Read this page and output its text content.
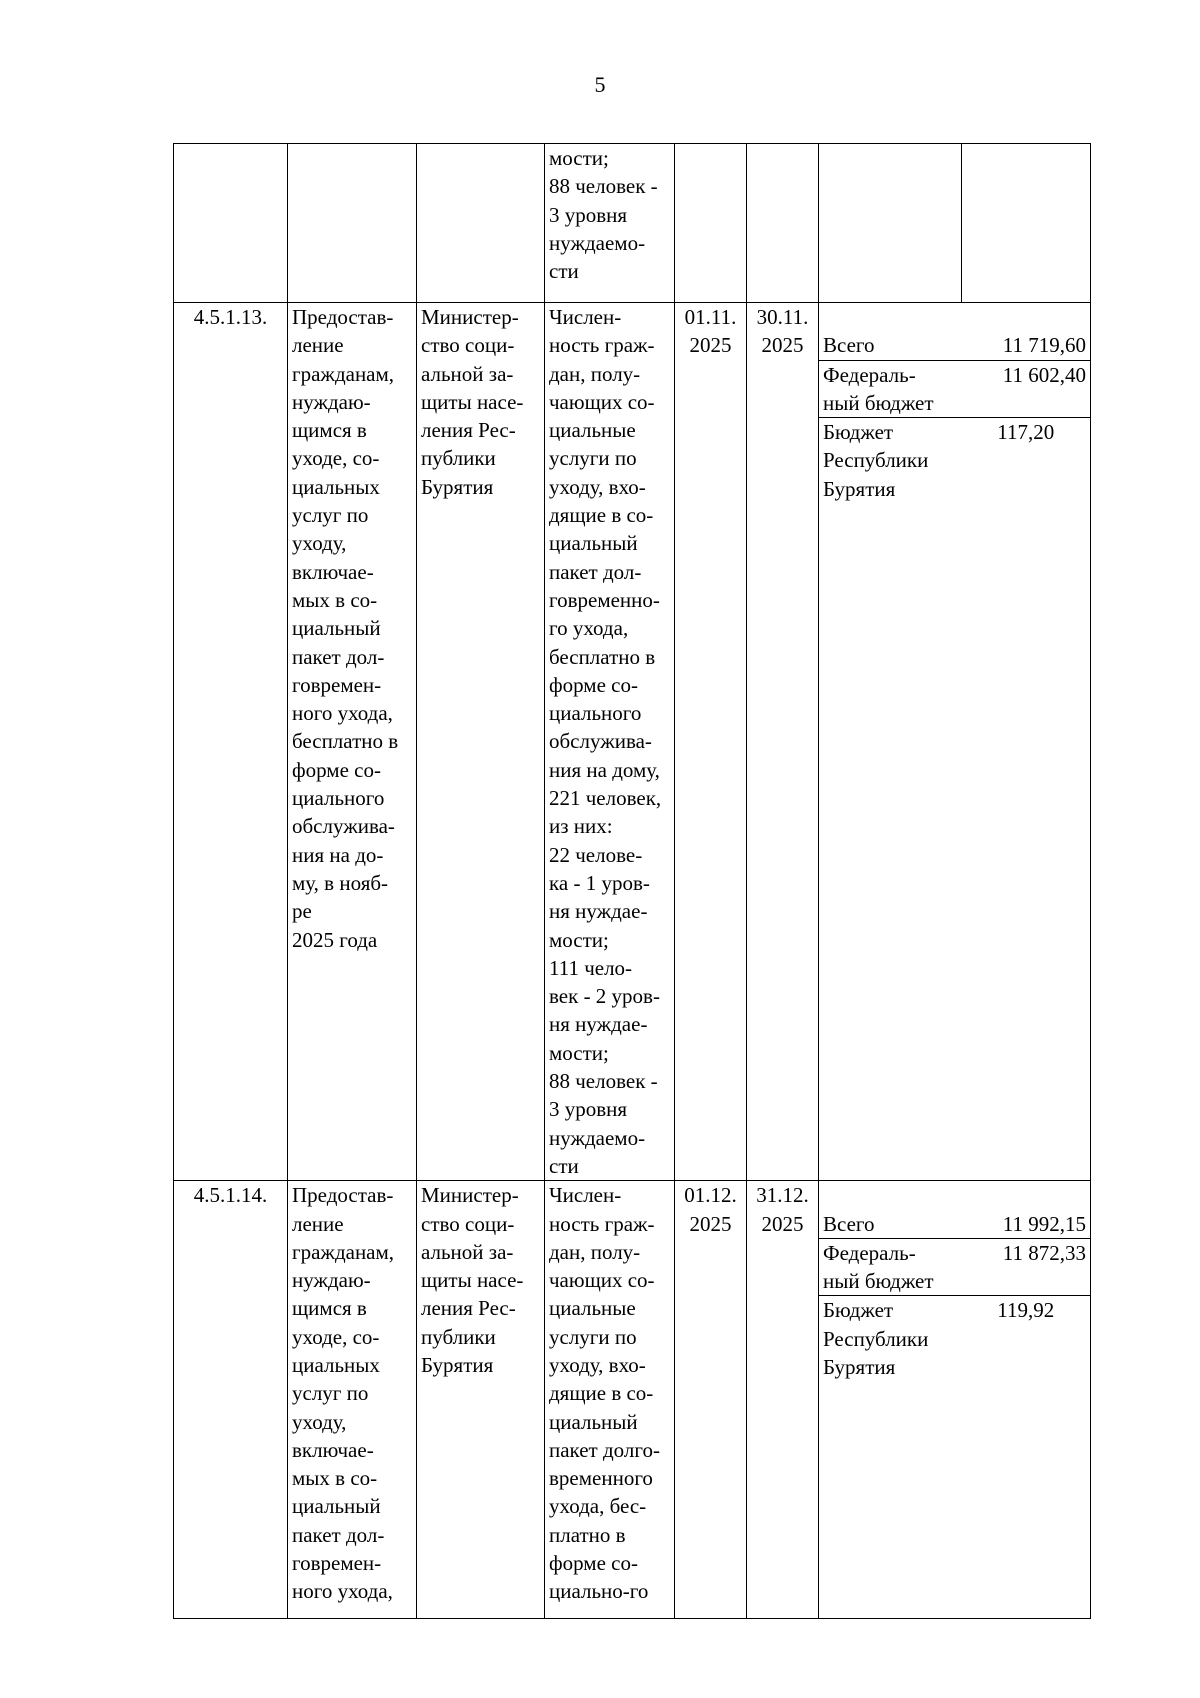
5
			мости;
88 человек -
3 уровня
нуждаемо-
сти				
4.5.1.13.	Предостав-
ление
гражданам,
нуждаю-
щимся в
уходе, со-
циальных
услуг по
уходу,
включае-
мых в со-
циальный
пакет дол-
говремен-
ного ухода,
бесплатно в
форме со-
циального
обслужива-
ния на до-
му, в нояб-
ре
2025 года	Министер-
ство соци-
альной за-
щиты насе-
ления Рес-
публики
Бурятия	Числен-
ность граж-
дан, полу-
чающих со-
циальные
услуги по
уходу, вхо-
дящие в со-
циальный
пакет дол-
говременно-
го ухода,
бесплатно в
форме со-
циального
обслужива-
ния на дому,
221 человек,
из них:
22 челове-
ка - 1 уров-
ня нуждае-
мости;
111 чело-
век - 2 уров-
ня нуждае-
мости;
88 человек -
3 уровня
нуждаемо-
сти	01.11.
2025	30.11.
2025	Всего	11 719,60
Федераль-
ный бюджет	11 602,40
Бюджет
Республики
Бурятия	117,20

4.5.1.14.	Предостав-
ление
гражданам,
нуждаю-
щимся в
уходе, со-
циальных
услуг по
уходу,
включае-
мых в со-
циальный
пакет дол-
говремен-
ного ухода,	Министер-
ство соци-
альной за-
щиты насе-
ления Рес-
публики
Бурятия	Числен-
ность граж-
дан, полу-
чающих со-
циальные
услуги по
уходу, вхо-
дящие в со-
циальный
пакет долго-
временного
ухода, бес-
платно в
форме со-
циально-го	01.12.
2025	31.12.
2025	Всего	11 992,15
Федераль-
ный бюджет	11 872,33
Бюджет
Республики
Бурятия	119,92
